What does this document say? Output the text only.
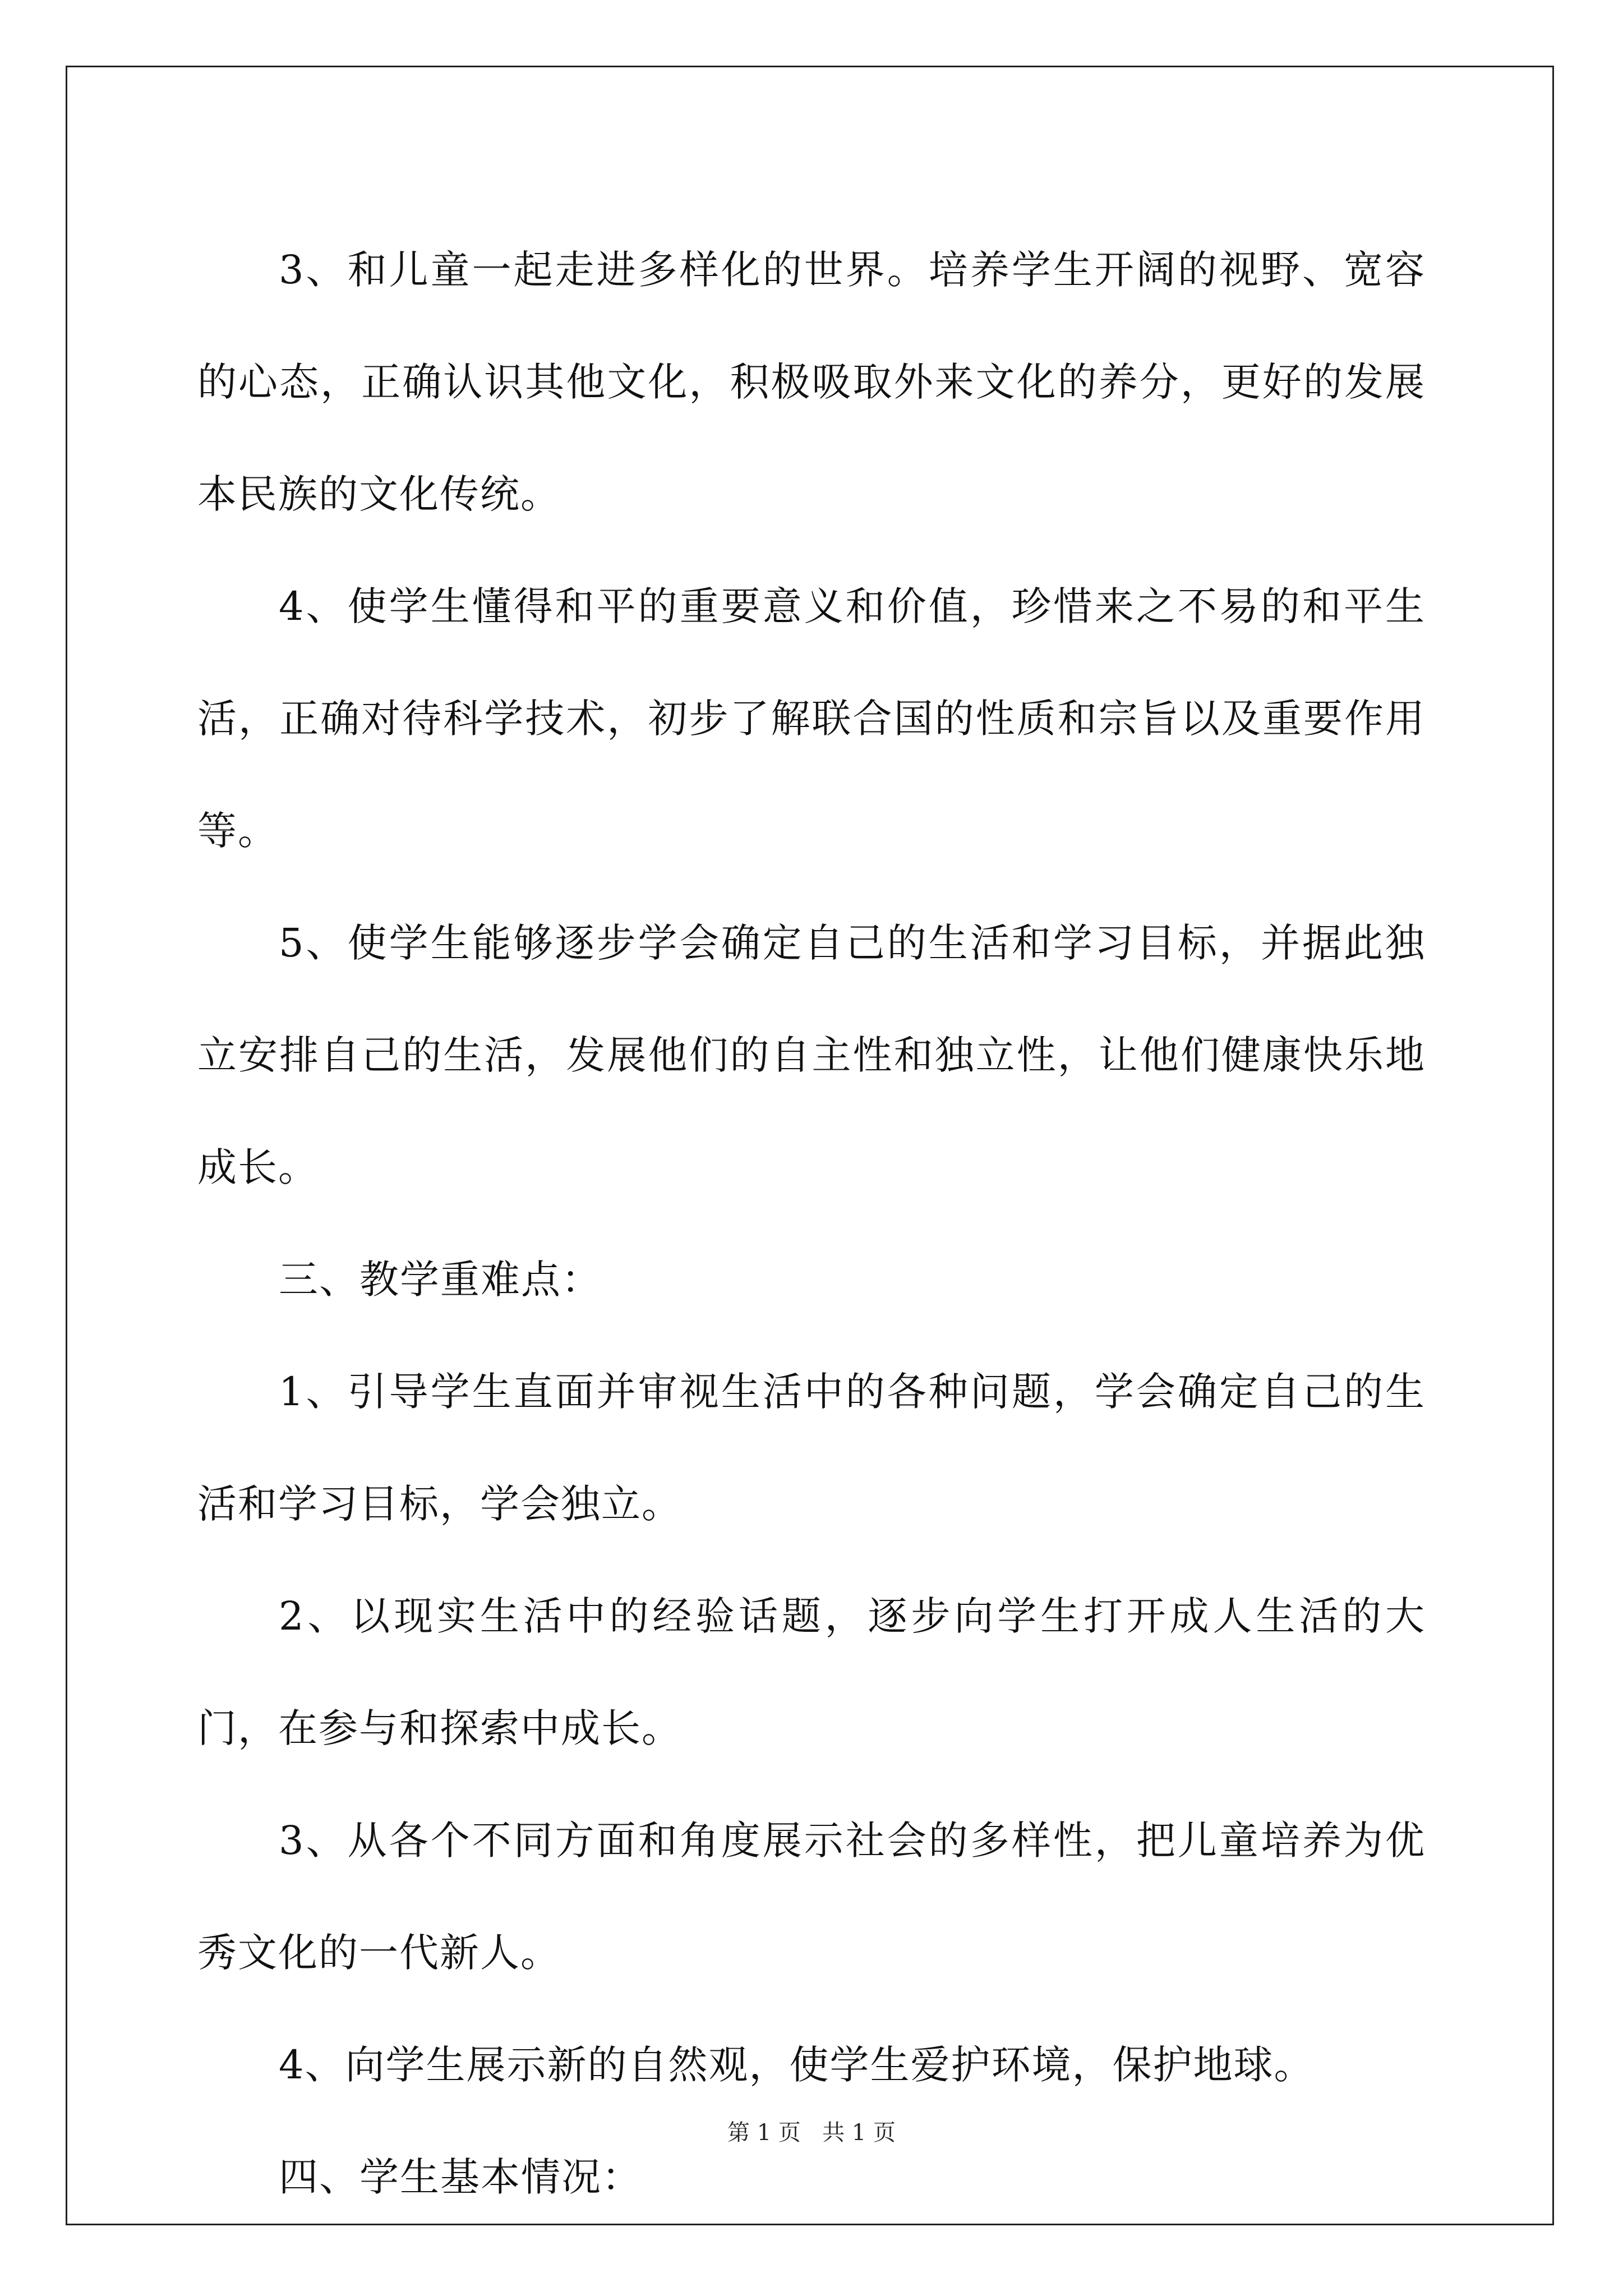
3、和儿童一起走进多样化的世界。培养学生开阔的视野、宽容的心态，正确认识其他文化，积极吸取外来文化的养分，更好的发展本民族的文化传统。

4、使学生懂得和平的重要意义和价值，珍惜来之不易的和平生活，正确对待科学技术，初步了解联合国的性质和宗旨以及重要作用等。

5、使学生能够逐步学会确定自己的生活和学习目标，并据此独立安排自己的生活，发展他们的自主性和独立性，让他们健康快乐地成长。

三、教学重难点：

1、引导学生直面并审视生活中的各种问题，学会确定自己的生活和学习目标，学会独立。

2、以现实生活中的经验话题，逐步向学生打开成人生活的大门，在参与和探索中成长。

3、从各个不同方面和角度展示社会的多样性，把儿童培养为优秀文化的一代新人。

4、向学生展示新的自然观，使学生爱护环境，保护地球。

四、学生基本情况：

第 1 页   共 1 页
